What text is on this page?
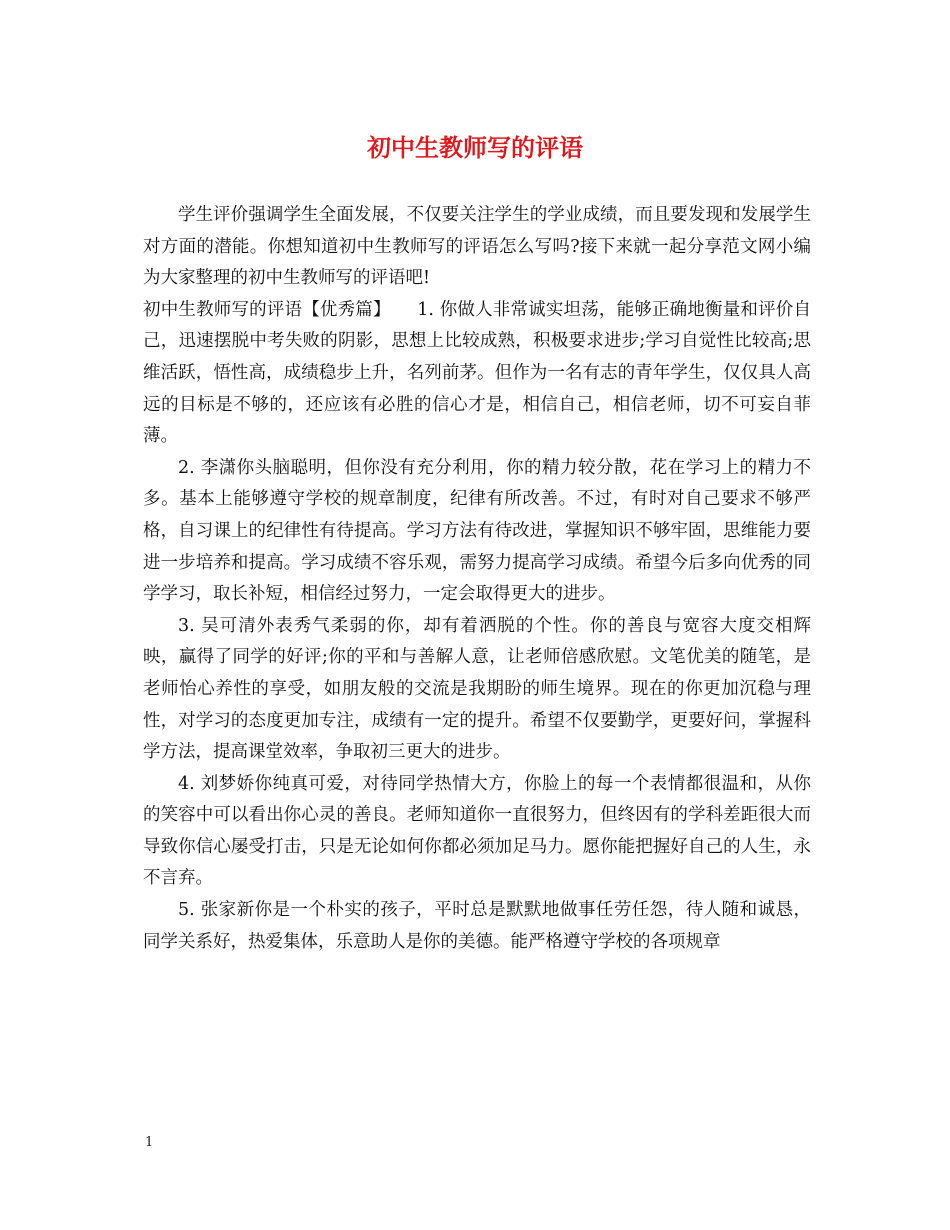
初中生教师写的评语

学生评价强调学生全面发展，不仅要关注学生的学业成绩，而且要发现和发展学生对方面的潜能。你想知道初中生教师写的评语怎么写吗?接下来就一起分享范文网小编为大家整理的初中生教师写的评语吧!

初中生教师写的评语【优秀篇】　　1. 你做人非常诚实坦荡，能够正确地衡量和评价自己，迅速摆脱中考失败的阴影，思想上比较成熟，积极要求进步;学习自觉性比较高;思维活跃，悟性高，成绩稳步上升，名列前茅。但作为一名有志的青年学生，仅仅具人高远的目标是不够的，还应该有必胜的信心才是，相信自己，相信老师，切不可妄自菲薄。

2. 李潇你头脑聪明，但你没有充分利用，你的精力较分散，花在学习上的精力不多。基本上能够遵守学校的规章制度，纪律有所改善。不过，有时对自己要求不够严格，自习课上的纪律性有待提高。学习方法有待改进，掌握知识不够牢固，思维能力要进一步培养和提高。学习成绩不容乐观，需努力提高学习成绩。希望今后多向优秀的同学学习，取长补短，相信经过努力，一定会取得更大的进步。

3. 吴可清外表秀气柔弱的你，却有着洒脱的个性。你的善良与宽容大度交相辉映，赢得了同学的好评;你的平和与善解人意，让老师倍感欣慰。文笔优美的随笔，是老师怡心养性的享受，如朋友般的交流是我期盼的师生境界。现在的你更加沉稳与理性，对学习的态度更加专注，成绩有一定的提升。希望不仅要勤学，更要好问，掌握科学方法，提高课堂效率，争取初三更大的进步。

4. 刘梦娇你纯真可爱，对待同学热情大方，你脸上的每一个表情都很温和，从你的笑容中可以看出你心灵的善良。老师知道你一直很努力，但终因有的学科差距很大而导致你信心屡受打击，只是无论如何你都必须加足马力。愿你能把握好自己的人生，永不言弃。

5. 张家新你是一个朴实的孩子，平时总是默默地做事任劳任怨，待人随和诚恳，同学关系好，热爱集体，乐意助人是你的美德。能严格遵守学校的各项规章

1
